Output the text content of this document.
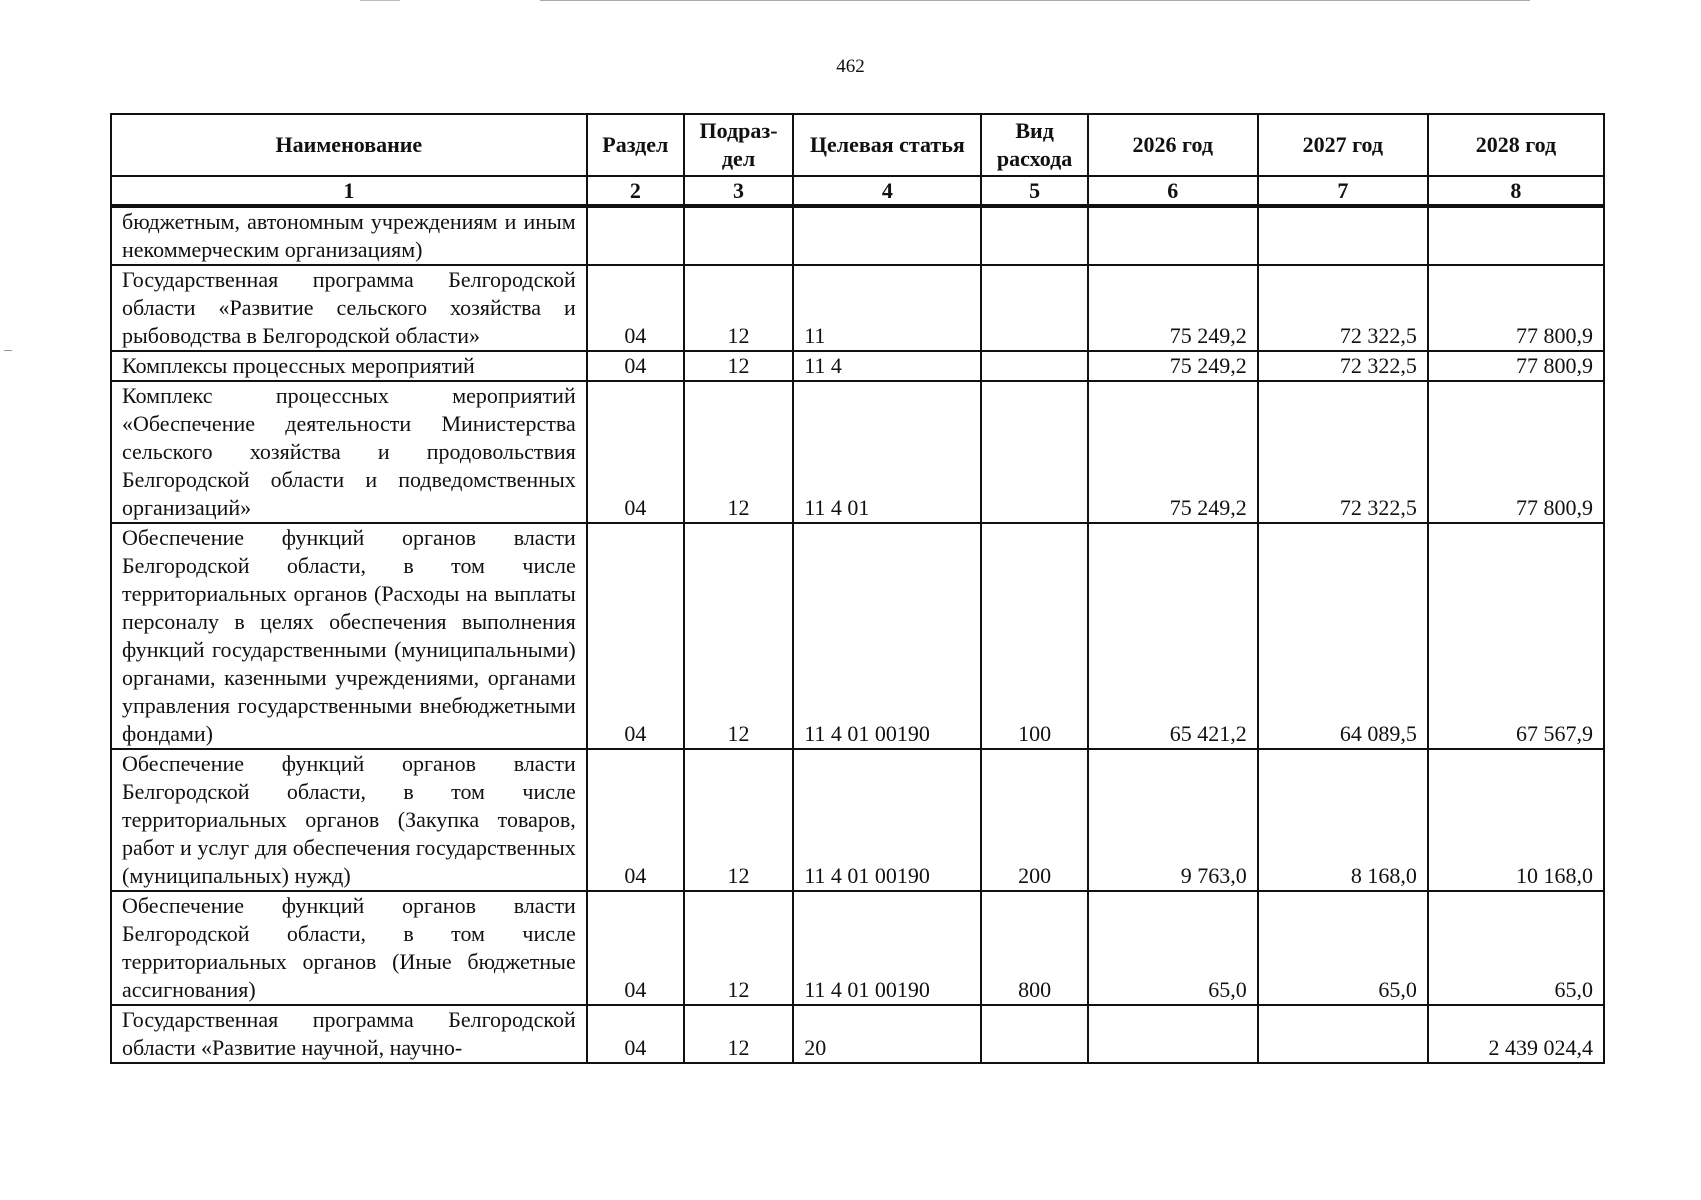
462
Наименование	Раздел	Подраз-дел	Целевая статья	Вид расхода	2026 год	2027 год	2028 год
1	2	3	4	5	6	7	8
бюджетным, автономным учреждениям и иным некоммерческим организациям)							
Государственная программа Белгородской области «Развитие сельского хозяйства и рыбоводства в Белгородской области»	04	12	11		75 249,2	72 322,5	77 800,9
Комплексы процессных мероприятий	04	12	11 4		75 249,2	72 322,5	77 800,9
Комплекс процессных мероприятий «Обеспечение деятельности Министерства сельского хозяйства и продовольствия Белгородской области и подведомственных организаций»	04	12	11 4 01		75 249,2	72 322,5	77 800,9
Обеспечение функций органов власти Белгородской области, в том числе территориальных органов (Расходы на выплаты персоналу в целях обеспечения выполнения функций государственными (муниципальными) органами, казенными учреждениями, органами управления государственными внебюджетными фондами)	04	12	11 4 01 00190	100	65 421,2	64 089,5	67 567,9
Обеспечение функций органов власти Белгородской области, в том числе территориальных органов (Закупка товаров, работ и услуг для обеспечения государственных (муниципальных) нужд)	04	12	11 4 01 00190	200	9 763,0	8 168,0	10 168,0
Обеспечение функций органов власти Белгородской области, в том числе территориальных органов (Иные бюджетные ассигнования)	04	12	11 4 01 00190	800	65,0	65,0	65,0
Государственная программа Белгородской области «Развитие научной, научно-	04	12	20				2 439 024,4
